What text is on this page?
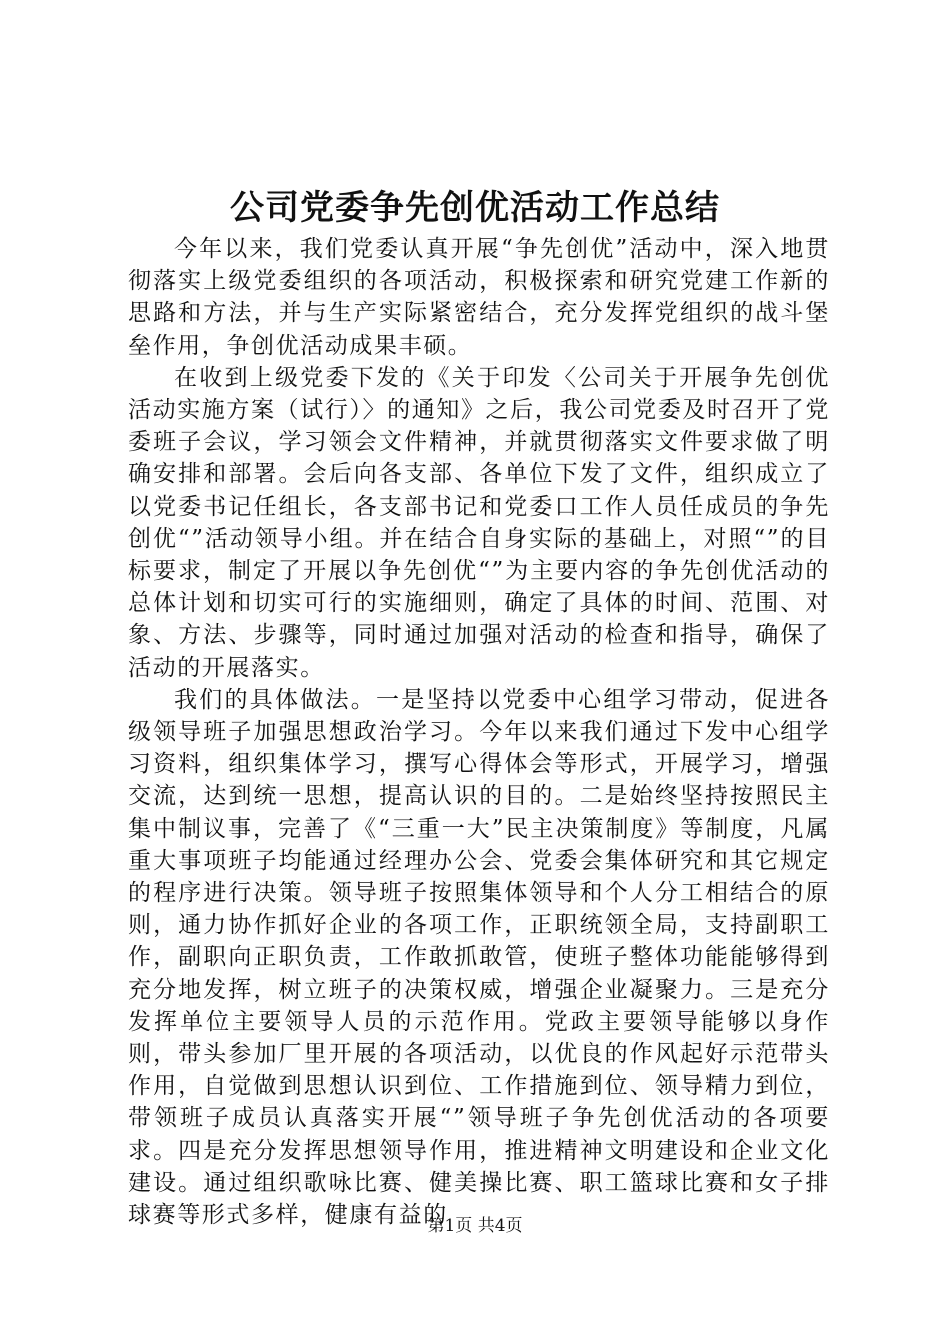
公司党委争先创优活动工作总结

今年以来，我们党委认真开展“争先创优”活动中，深入地贯彻落实上级党委组织的各项活动，积极探索和研究党建工作新的思路和方法，并与生产实际紧密结合，充分发挥党组织的战斗堡垒作用，争创优活动成果丰硕。

在收到上级党委下发的《关于印发〈公司关于开展争先创优活动实施方案（试行）〉的通知》之后，我公司党委及时召开了党委班子会议，学习领会文件精神，并就贯彻落实文件要求做了明确安排和部署。会后向各支部、各单位下发了文件，组织成立了以党委书记任组长，各支部书记和党委口工作人员任成员的争先创优“”活动领导小组。并在结合自身实际的基础上，对照“”的目标要求，制定了开展以争先创优“”为主要内容的争先创优活动的总体计划和切实可行的实施细则，确定了具体的时间、范围、对象、方法、步骤等，同时通过加强对活动的检查和指导，确保了活动的开展落实。

我们的具体做法。一是坚持以党委中心组学习带动，促进各级领导班子加强思想政治学习。今年以来我们通过下发中心组学习资料，组织集体学习，撰写心得体会等形式，开展学习，增强交流，达到统一思想，提高认识的目的。二是始终坚持按照民主集中制议事，完善了《“三重一大”民主决策制度》等制度，凡属重大事项班子均能通过经理办公会、党委会集体研究和其它规定的程序进行决策。领导班子按照集体领导和个人分工相结合的原则，通力协作抓好企业的各项工作，正职统领全局，支持副职工作，副职向正职负责，工作敢抓敢管，使班子整体功能能够得到充分地发挥，树立班子的决策权威，增强企业凝聚力。三是充分发挥单位主要领导人员的示范作用。党政主要领导能够以身作则，带头参加厂里开展的各项活动，以优良的作风起好示范带头作用，自觉做到思想认识到位、工作措施到位、领导精力到位，带领班子成员认真落实开展“”领导班子争先创优活动的各项要求。四是充分发挥思想领导作用，推进精神文明建设和企业文化建设。通过组织歌咏比赛、健美操比赛、职工篮球比赛和女子排球赛等形式多样，健康有益的

第1页 共4页
